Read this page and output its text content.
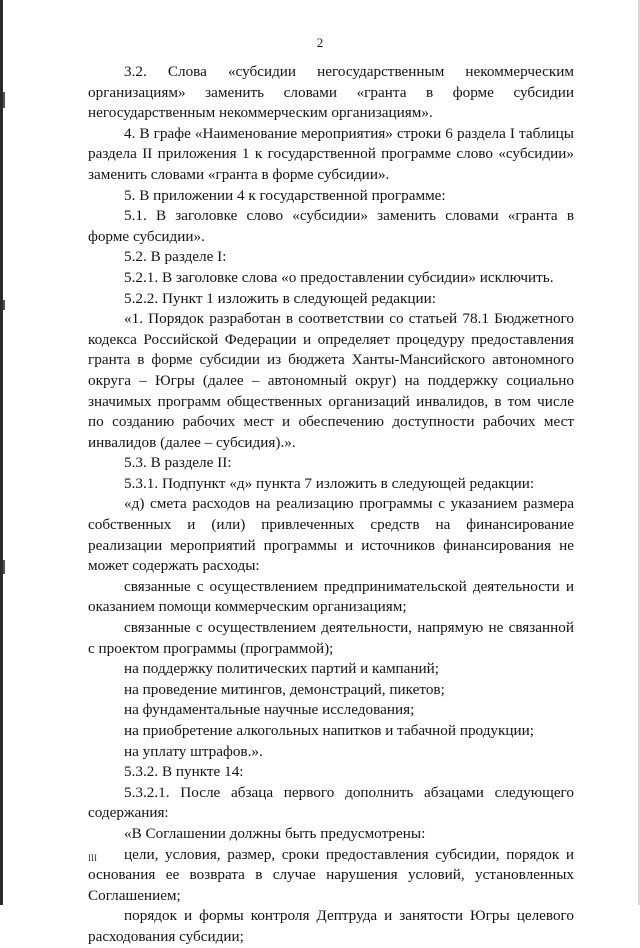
2

3.2. Слова «субсидии негосударственным некоммерческим организациям» заменить словами «гранта в форме субсидии негосударственным некоммерческим организациям».

4. В графе «Наименование мероприятия» строки 6 раздела I таблицы раздела II приложения 1 к государственной программе слово «субсидии» заменить словами «гранта в форме субсидии».

5. В приложении 4 к государственной программе:

5.1. В заголовке слово «субсидии» заменить словами «гранта в форме субсидии».

5.2. В разделе I:

5.2.1. В заголовке слова «о предоставлении субсидии» исключить.

5.2.2. Пункт 1 изложить в следующей редакции:

«1. Порядок разработан в соответствии со статьей 78.1 Бюджетного кодекса Российской Федерации и определяет процедуру предоставления гранта в форме субсидии из бюджета Ханты-Мансийского автономного округа – Югры (далее – автономный округ) на поддержку социально значимых программ общественных организаций инвалидов, в том числе по созданию рабочих мест и обеспечению доступности рабочих мест инвалидов (далее – субсидия).».

5.3. В разделе II:

5.3.1. Подпункт «д» пункта 7 изложить в следующей редакции:

«д) смета расходов на реализацию программы с указанием размера собственных и (или) привлеченных средств на финансирование реализации мероприятий программы и источников финансирования не может содержать расходы:

связанные с осуществлением предпринимательской деятельности и оказанием помощи коммерческим организациям;

связанные с осуществлением деятельности, напрямую не связанной с проектом программы (программой);

на поддержку политических партий и кампаний;

на проведение митингов, демонстраций, пикетов;

на фундаментальные научные исследования;

на приобретение алкогольных напитков и табачной продукции;

на уплату штрафов.».

5.3.2. В пункте 14:

5.3.2.1. После абзаца первого дополнить абзацами следующего содержания:

«В Соглашении должны быть предусмотрены:

цели, условия, размер, сроки предоставления субсидии, порядок и основания ее возврата в случае нарушения условий, установленных Соглашением;

порядок и формы контроля Дептруда и занятости Югры целевого расходования субсидии;

III
